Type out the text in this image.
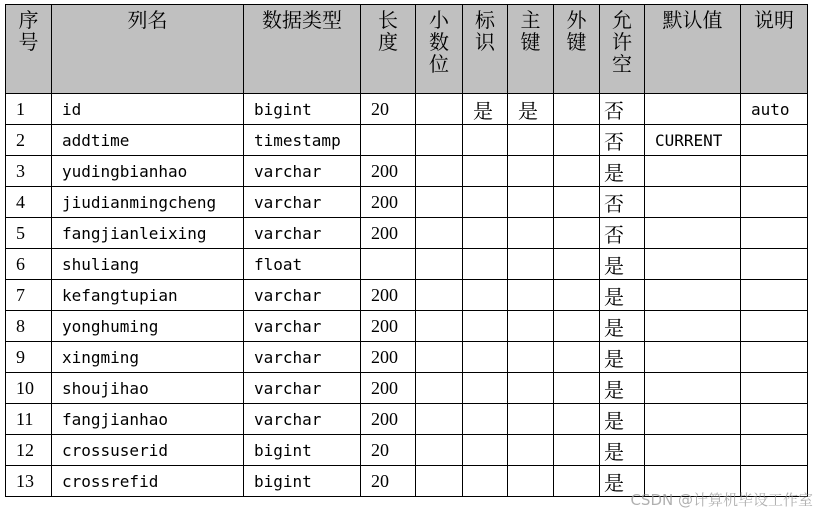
序号	列名	数据类型	长度	小数位	标识	主键	外键	允许空	默认值	说明
1	id	bigint	20		是	是		否		auto
2	addtime	timestamp						否	CURRENT	
3	yudingbianhao	varchar	200					是		
4	jiudianmingcheng	varchar	200					否		
5	fangjianleixing	varchar	200					否		
6	shuliang	float						是		
7	kefangtupian	varchar	200					是		
8	yonghuming	varchar	200					是		
9	xingming	varchar	200					是		
10	shoujihao	varchar	200					是		
11	fangjianhao	varchar	200					是		
12	crossuserid	bigint	20					是		
13	crossrefid	bigint	20					是		
CSDN @计算机毕设工作室
